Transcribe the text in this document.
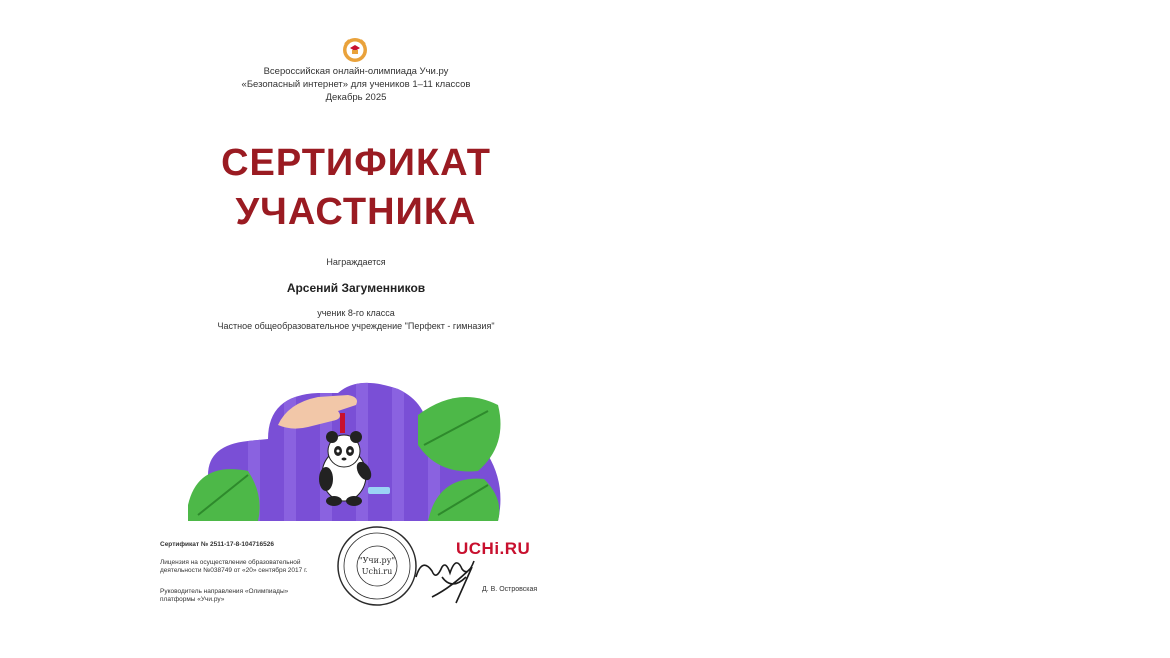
Всероссийская онлайн-олимпиада Учи.ру
«Безопасный интернет» для учеников 1–11 классов
Декабрь 2025
СЕРТИФИКАТ
УЧАСТНИКА
Награждается
Арсений Загуменников
ученик 8-го класса
Частное общеобразовательное учреждение "Перфект - гимназия"
Сертификат № 2511-17-8-104716526
Лицензия на осуществление образовательной
деятельности №038749 от «20» сентября 2017 г.
Руководитель направления «Олимпиады»
платформы «Учи.ру»
"Учи.ру"
Uchi.ru
UCHi.RU
Д. В. Островская
